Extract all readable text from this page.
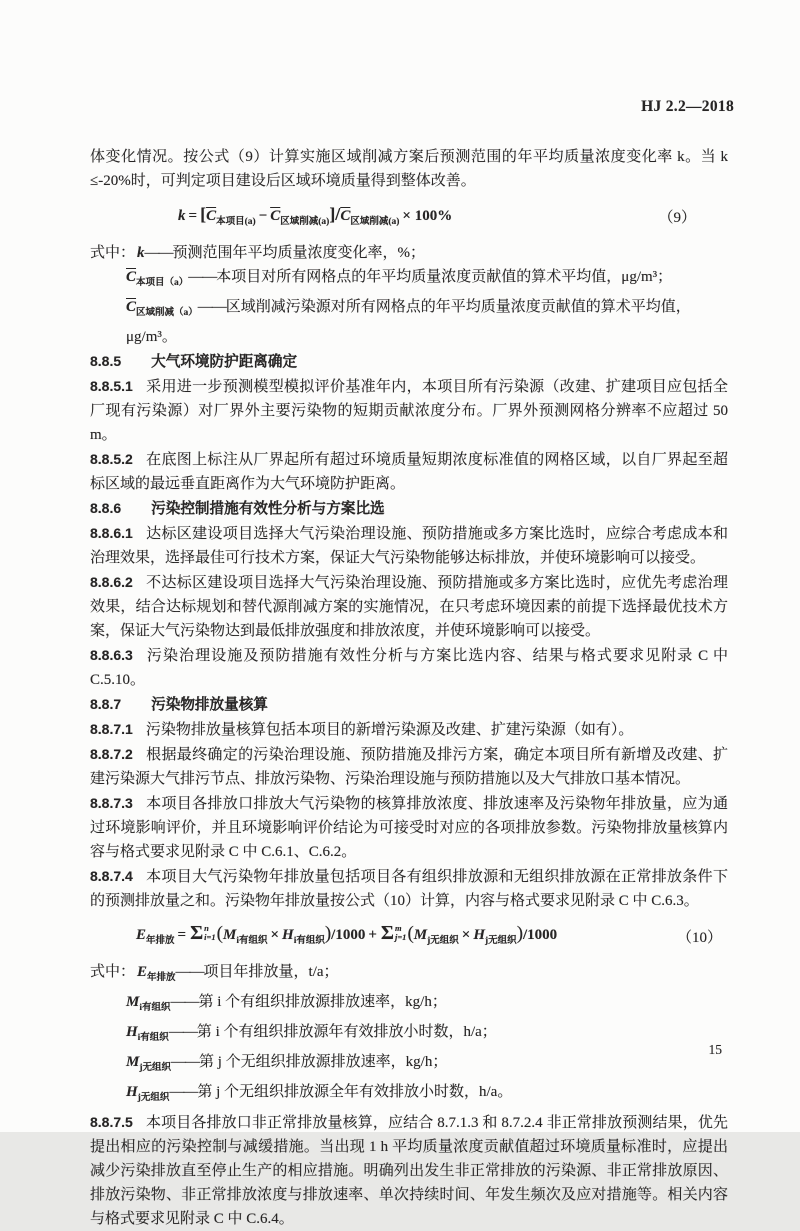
HJ 2.2—2018

体变化情况。按公式（9）计算实施区域削减方案后预测范围的年平均质量浓度变化率 k。当 k ≤-20%时，可判定项目建设后区域环境质量得到整体改善。

$k = [\overline{C}_{本项目(a)} - \overline{C}_{区域削减(a)}]/\overline{C}_{区域削减(a)} \times 100\%$	（9）
式中： k——预测范围年平均质量浓度变化率，%；
$\overline{C}_{本项目(a)}——$本项目对所有网格点的年平均质量浓度贡献值的算术平均值，μg/m³；
$\overline{C}_{区域削减(a)}——$区域削减污染源对所有网格点的年平均质量浓度贡献值的算术平均值，μg/m³。

8.8.5 大气环境防护距离确定

8.8.5.1 采用进一步预测模型模拟评价基准年内，本项目所有污染源（改建、扩建项目应包括全厂现有污染源）对厂界外主要污染物的短期贡献浓度分布。厂界外预测网格分辨率不应超过 50 m。

8.8.5.2 在底图上标注从厂界起所有超过环境质量短期浓度标准值的网格区域，以自厂界起至超标区域的最远垂直距离作为大气环境防护距离。

8.8.6 污染控制措施有效性分析与方案比选

8.8.6.1 达标区建设项目选择大气污染治理设施、预防措施或多方案比选时，应综合考虑成本和治理效果，选择最佳可行技术方案，保证大气污染物能够达标排放，并使环境影响可以接受。

8.8.6.2 不达标区建设项目选择大气污染治理设施、预防措施或多方案比选时，应优先考虑治理效果，结合达标规划和替代源削减方案的实施情况，在只考虑环境因素的前提下选择最优技术方案，保证大气污染物达到最低排放强度和排放浓度，并使环境影响可以接受。

8.8.6.3 污染治理设施及预防措施有效性分析与方案比选内容、结果与格式要求见附录 C 中 C.5.10。

8.8.7 污染物排放量核算

8.8.7.1 污染物排放量核算包括本项目的新增污染源及改建、扩建污染源（如有）。

8.8.7.2 根据最终确定的污染治理设施、预防措施及排污方案，确定本项目所有新增及改建、扩建污染源大气排污节点、排放污染物、污染治理设施与预防措施以及大气排放口基本情况。

8.8.7.3 本项目各排放口排放大气污染物的核算排放浓度、排放速率及污染物年排放量，应为通过环境影响评价，并且环境影响评价结论为可接受时对应的各项排放参数。污染物排放量核算内容与格式要求见附录 C 中 C.6.1、C.6.2。

8.8.7.4 本项目大气污染物年排放量包括项目各有组织排放源和无组织排放源在正常排放条件下的预测排放量之和。污染物年排放量按公式（10）计算，内容与格式要求见附录 C 中 C.6.3。

$E_{年排放} = \Sigma$ n
i=1 $(M_{i有组织} \times H_{i有组织})/1000 + \Sigma$ m
j=1 $(M_{j无组织} \times H_{j无组织})/1000$	（10）
式中： $E_{年排放}——$项目年排放量，t/a；
$M_{i有组织}——$第 i 个有组织排放源排放速率，kg/h；
$H_{i有组织}——$第 i 个有组织排放源年有效排放小时数，h/a；
$M_{j无组织}——$第 j 个无组织排放源排放速率，kg/h；
$H_{j无组织}——$第 j 个无组织排放源全年有效排放小时数，h/a。

8.8.7.5 本项目各排放口非正常排放量核算，应结合 8.7.1.3 和 8.7.2.4 非正常排放预测结果，优先提出相应的污染控制与减缓措施。当出现 1 h 平均质量浓度贡献值超过环境质量标准时，应提出减少污染排放直至停止生产的相应措施。明确列出发生非正常排放的污染源、非正常排放原因、排放污染物、非正常排放浓度与排放速率、单次持续时间、年发生频次及应对措施等。相关内容与格式要求见附录 C 中 C.6.4。

15
